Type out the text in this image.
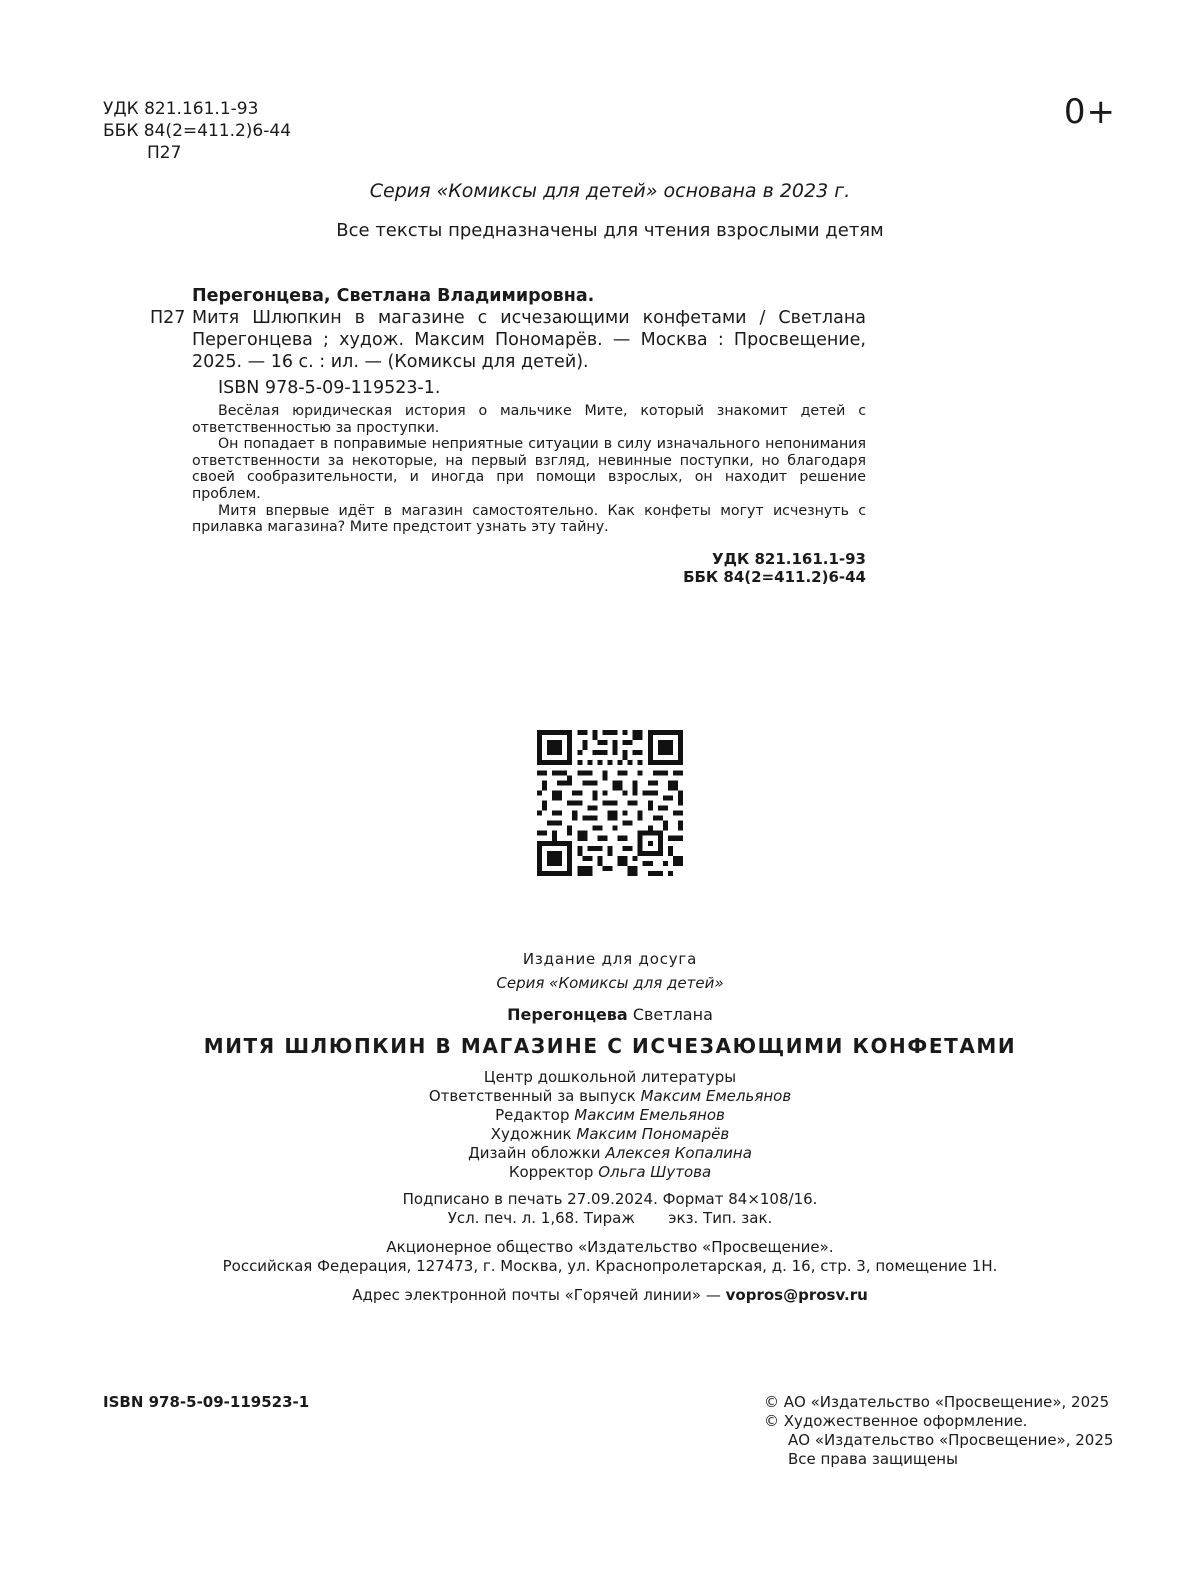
УДК 821.161.1-93
ББК 84(2=411.2)6-44
П27
0+
Серия «Комиксы для детей» основана в 2023 г.
Все тексты предназначены для чтения взрослыми детям
Перегонцева, Светлана Владимировна.
П27 Митя Шлюпкин в магазине с исчезающими конфетами / Светлана Перегонцева ; худож. Максим Пономарёв. — Москва : Просвещение, 2025. — 16 с. : ил. — (Комиксы для детей).
ISBN 978-5-09-119523-1.

Весёлая юридическая история о мальчике Мите, который знакомит детей с ответственностью за проступки.

Он попадает в поправимые неприятные ситуации в силу изначального непонимания ответственности за некоторые, на первый взгляд, невинные поступки, но благодаря своей сообразительности, и иногда при помощи взрослых, он находит решение проблем.

Митя впервые идёт в магазин самостоятельно. Как конфеты могут исчезнуть с прилавка магазина? Мите предстоит узнать эту тайну.

УДК 821.161.1-93
ББК 84(2=411.2)6-44
Издание для досуга
Серия «Комиксы для детей»
Перегонцева Светлана
МИТЯ ШЛЮПКИН В МАГАЗИНЕ С ИСЧЕЗАЮЩИМИ КОНФЕТАМИ
Центр дошкольной литературы
Ответственный за выпуск Максим Емельянов
Редактор Максим Емельянов
Художник Максим Пономарёв
Дизайн обложки Алексея Копалина
Корректор Ольга Шутова
Подписано в печать 27.09.2024. Формат 84×108/16.
Усл. печ. л. 1,68. Тираж       экз. Тип. зак.
Акционерное общество «Издательство «Просвещение».
Российская Федерация, 127473, г. Москва, ул. Краснопролетарская, д. 16, стр. 3, помещение 1Н.
Адрес электронной почты «Горячей линии» — vopros@prosv.ru
ISBN 978-5-09-119523-1	© АО «Издательство «Просвещение», 2025
© Художественное оформление.
АО «Издательство «Просвещение», 2025
Все права защищены
